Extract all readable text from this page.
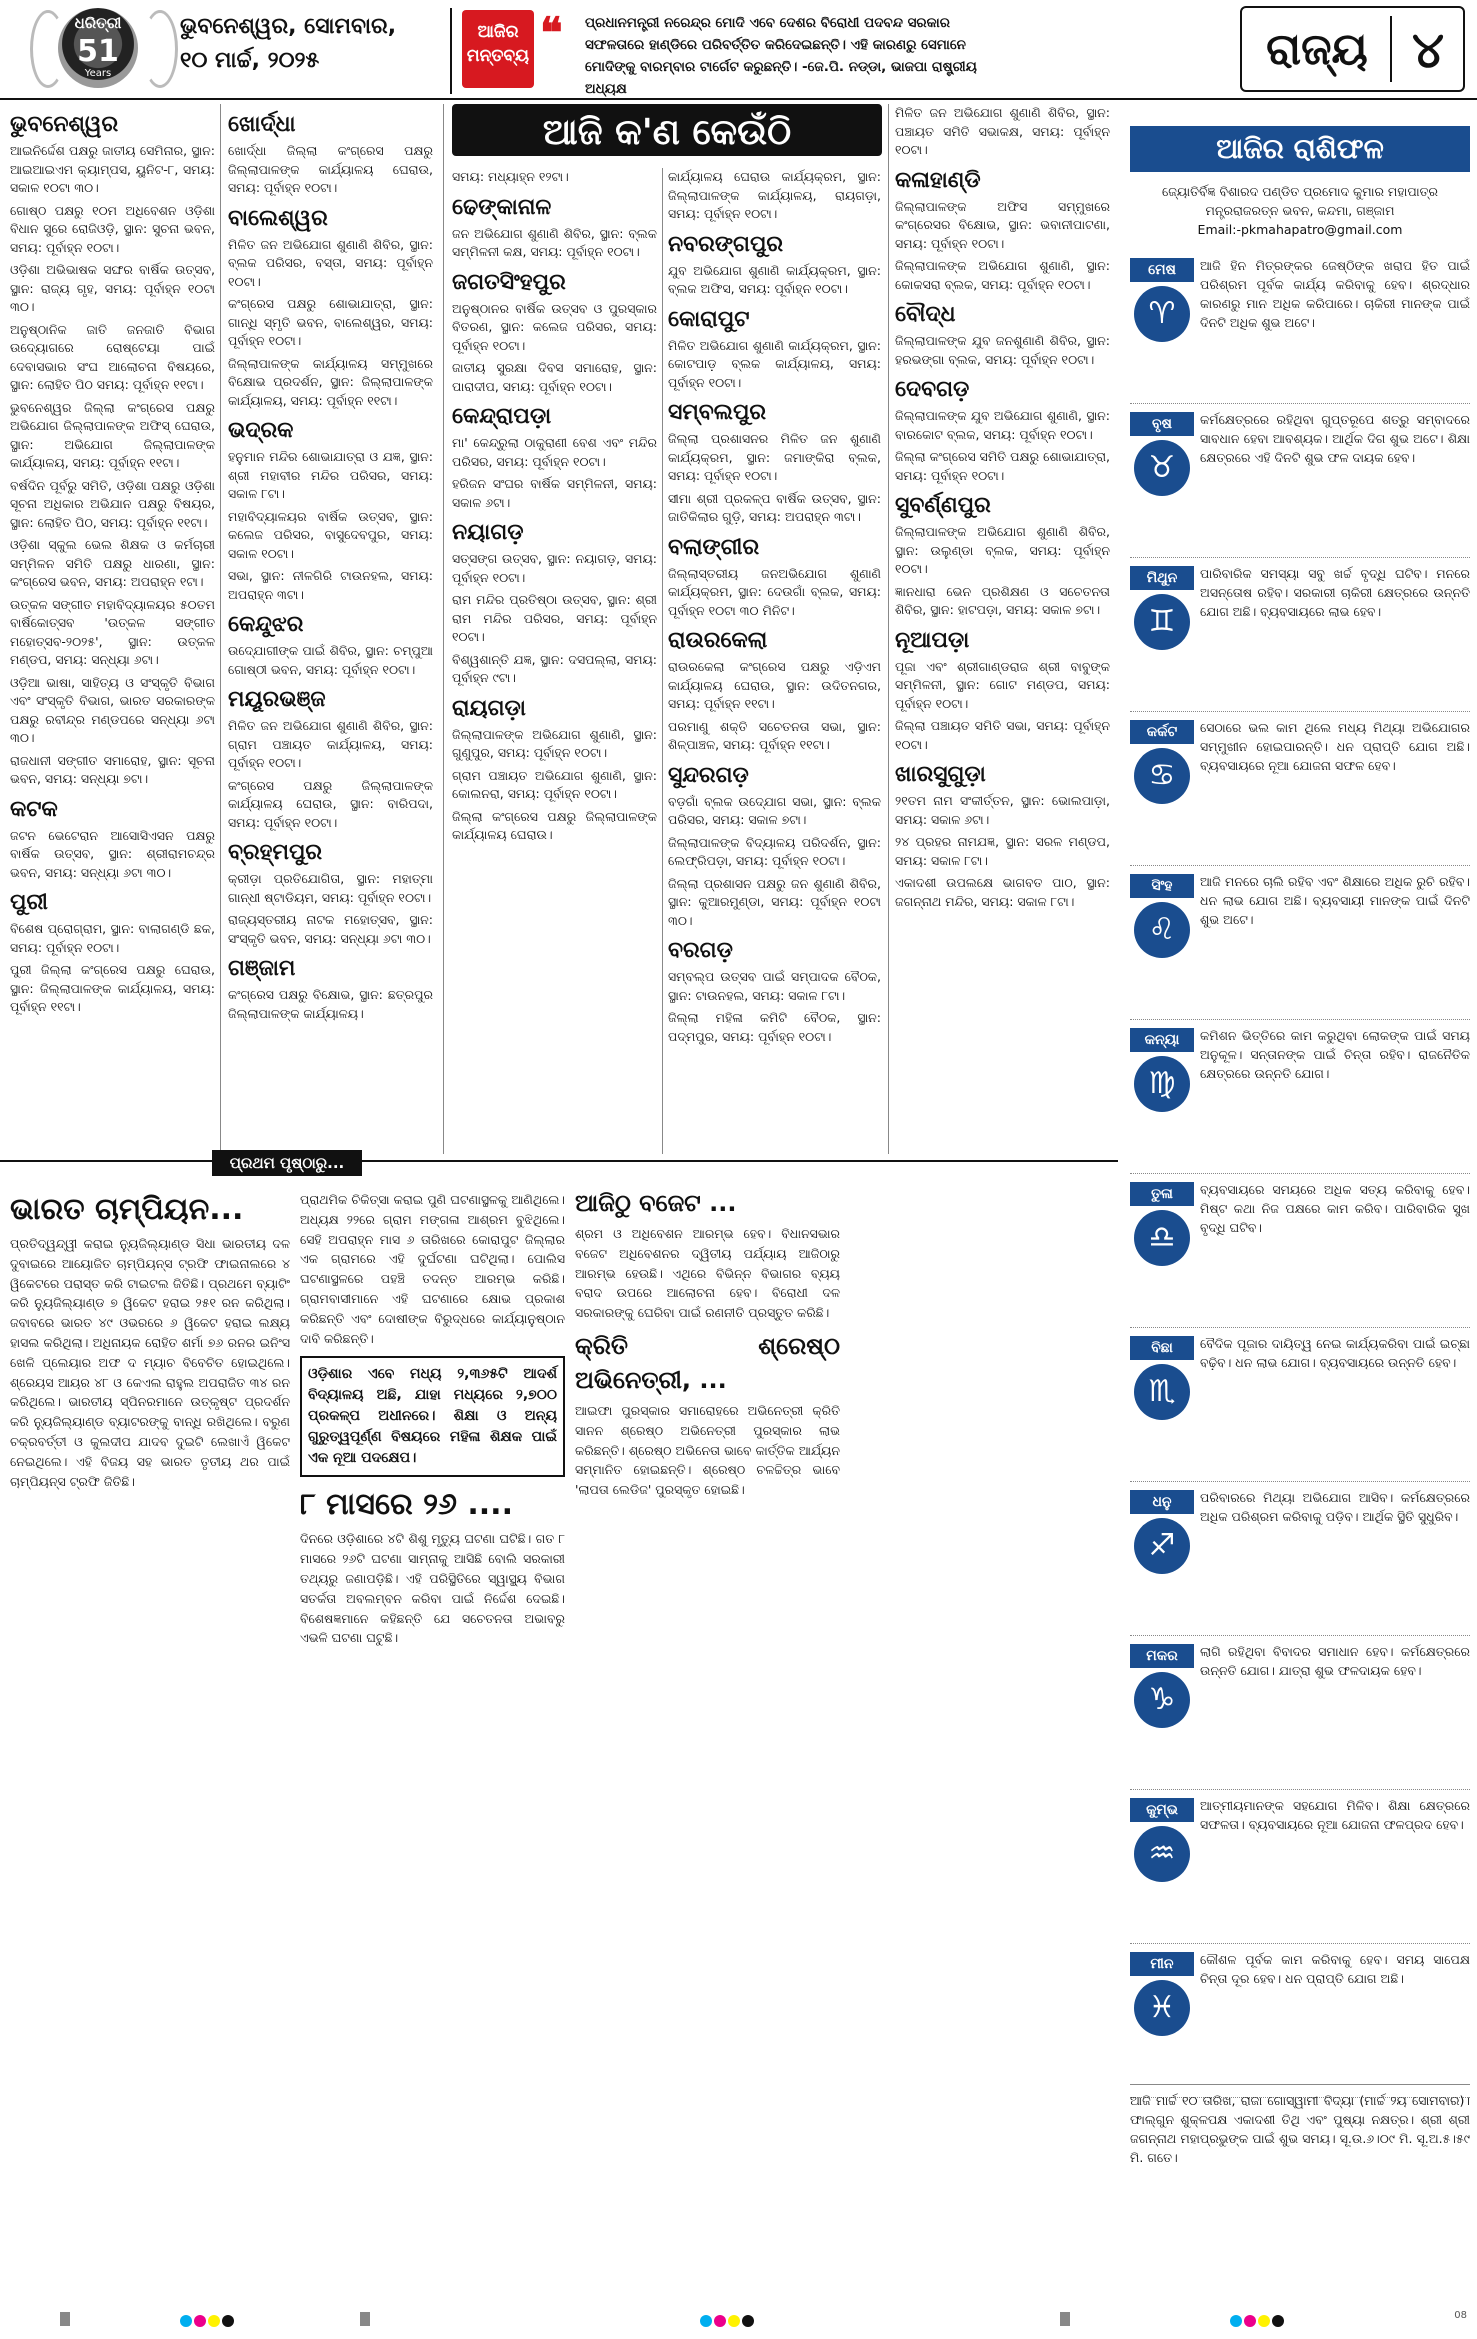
ଧରିତ୍ରୀ
51
Years
ଭୁବନେଶ୍ୱର, ସୋମବାର,
୧୦ ମାର୍ଚ୍ଚ, ୨୦୨୫
ଆଜିର
ମନ୍ତବ୍ୟ ❝ ପ୍ରଧାନମନ୍ତ୍ରୀ ନରେନ୍ଦ୍ର ମୋଦି ଏବେ ଦେଶର ବିରୋଧୀ ପଦବନ୍ଦ ସରକାର ସଫଳତାରେ ହାଣ୍ଡିରେ ପରିବର୍ତ୍ତିତ କରିଦେଇଛନ୍ତି। ଏହି କାରଣରୁ ସେମାନେ ମୋଦିଙ୍କୁ ବାରମ୍ବାର ଟାର୍ଗେଟ କରୁଛନ୍ତି। -ଜେ.ପି. ନଡ୍ଡା, ଭାଜପା ରାଷ୍ଟ୍ରୀୟ ଅଧ୍ୟକ୍ଷ
ରାଜ୍ୟ ୪
ଆଜି କ'ଣ କେଉଁଠି
ଭୁବନେଶ୍ୱର
ଆଇନିର୍ଦ୍ଦେଶ ପକ୍ଷରୁ ଜାତୀୟ ସେମିନାର, ସ୍ଥାନ: ଆଇଆଇଏମ କ୍ୟାମ୍ପସ, ୟୁନିଟ-୮, ସମୟ: ସକାଳ ୧୦ଟା ୩୦।
ଗୋଷ୍ଠ ପକ୍ଷରୁ ୧୦ମ ଅଧିବେଶନ ଓଡ଼ିଶା ବିଧାନ ସୁରେ ରୋଜିଓଡ଼ି, ସ୍ଥାନ: ସୁଚନା ଭବନ, ସମୟ: ପୂର୍ବାହ୍ନ ୧୦ଟା।
ଓଡ଼ିଶା ଅଭିଭାଷକ ସଙ୍ଘର ବାର୍ଷିକ ଉତ୍ସବ, ସ୍ଥାନ: ରାଜ୍ୟ ଗୃହ, ସମୟ: ପୂର୍ବାହ୍ନ ୧୦ଟା ୩୦।
ଅନୁଷ୍ଠାନିକ ଜାତି ଜନଜାତି ବିଭାଗ ଉଦ୍ୟୋଗରେ ରୋଷ୍ଟେୟା ପାଇଁ ଦେବାସଭାର ସଂଘ ଆଲୋଚନା ବିଷୟରେ, ସ୍ଥାନ: ଲୋହିତ ପିଠ ସମୟ: ପୂର୍ବାହ୍ନ ୧୧ଟା।
ଭୁବନେଶ୍ୱର ଜିଲ୍ଲା କଂଗ୍ରେସ ପକ୍ଷରୁ ଅଭିଯୋଗ ଜିଲ୍ଲାପାଳଙ୍କ ଅଫିସ୍ ଘେରାଉ, ସ୍ଥାନ: ଅଭିଯୋଗ ଜିଲ୍ଲାପାଳଙ୍କ କାର୍ଯ୍ୟାଳୟ, ସମୟ: ପୂର୍ବାହ୍ନ ୧୧ଟା।
ବର୍ଷଦିନ ପୂର୍ବରୁ ସମିତି, ଓଡ଼ିଶା ପକ୍ଷରୁ ଓଡ଼ିଶା ସୂଚନା ଅଧିକାର ଅଭିଯାନ ପକ୍ଷରୁ ବିଷୟର, ସ୍ଥାନ: ଲୋହିତ ପିଠ, ସମୟ: ପୂର୍ବାହ୍ନ ୧୧ଟା।
ଓଡ଼ିଶା ସ୍କୁଲ ଭେଲ ଶିକ୍ଷକ ଓ କର୍ମଚାରୀ ସମ୍ମିଳନ ସମିତି ପକ୍ଷରୁ ଧାରଣା, ସ୍ଥାନ: କଂଗ୍ରେସ ଭବନ, ସମୟ: ଅପରାହ୍ନ ୧ଟା।
ଉତ୍କଳ ସଙ୍ଗୀତ ମହାବିଦ୍ୟାଳୟର ୫୦ତମ ବାର୍ଷିକୋତ୍ସବ 'ଉତ୍କଳ ସଙ୍ଗୀତ ମହୋତ୍ସବ-୨୦୨୫', ସ୍ଥାନ: ଉତ୍କଳ ମଣ୍ଡପ, ସମୟ: ସନ୍ଧ୍ୟା ୬ଟା।
ଓଡ଼ିଆ ଭାଷା, ସାହିତ୍ୟ ଓ ସଂସ୍କୃତି ବିଭାଗ ଏବଂ ସଂସ୍କୃତି ବିଭାଗ, ଭାରତ ସରକାରଙ୍କ ପକ୍ଷରୁ ରବୀନ୍ଦ୍ର ମଣ୍ଡପରେ ସନ୍ଧ୍ୟା ୬ଟା ୩୦।
ରାଜଧାନୀ ସଙ୍ଗୀତ ସମାରୋହ, ସ୍ଥାନ: ସୂଚନା ଭବନ, ସମୟ: ସନ୍ଧ୍ୟା ୭ଟା।
କଟକ
ଜଟନ ଭେଟେରାନ ଆସୋସିଏସନ ପକ୍ଷରୁ ବାର୍ଷିକ ଉତ୍ସବ, ସ୍ଥାନ: ଶ୍ରୀରାମଚନ୍ଦ୍ର ଭବନ, ସମୟ: ସନ୍ଧ୍ୟା ୬ଟା ୩୦।
ପୁରୀ
ବିଶେଷ ପ୍ରୋଗ୍ରାମ, ସ୍ଥାନ: ବାଲାଗଣ୍ଡି ଛକ, ସମୟ: ପୂର୍ବାହ୍ନ ୧୦ଟା।
ପୁରୀ ଜିଲ୍ଲା କଂଗ୍ରେସ ପକ୍ଷରୁ ଘେରାଉ, ସ୍ଥାନ: ଜିଲ୍ଲାପାଳଙ୍କ କାର୍ଯ୍ୟାଳୟ, ସମୟ: ପୂର୍ବାହ୍ନ ୧୧ଟା।
ଖୋର୍ଦ୍ଧା
ଖୋର୍ଦ୍ଧା ଜିଲ୍ଲା କଂଗ୍ରେସ ପକ୍ଷରୁ ଜିଲ୍ଲାପାଳଙ୍କ କାର୍ଯ୍ୟାଳୟ ଘେରାଉ, ସମୟ: ପୂର୍ବାହ୍ନ ୧୦ଟା।
ବାଲେଶ୍ୱର
ମିଳିତ ଜନ ଅଭିଯୋଗ ଶୁଣାଣି ଶିବିର, ସ୍ଥାନ: ବ୍ଲକ ପରିସର, ବସ୍ତା, ସମୟ: ପୂର୍ବାହ୍ନ ୧୦ଟା।
କଂଗ୍ରେସ ପକ୍ଷରୁ ଶୋଭାଯାତ୍ରା, ସ୍ଥାନ: ଗାନ୍ଧି ସ୍ମୃତି ଭବନ, ବାଲେଶ୍ୱର, ସମୟ: ପୂର୍ବାହ୍ନ ୧୦ଟା।
ଜିଲ୍ଲାପାଳଙ୍କ କାର୍ଯ୍ୟାଳୟ ସମ୍ମୁଖରେ ବିକ୍ଷୋଭ ପ୍ରଦର୍ଶନ, ସ୍ଥାନ: ଜିଲ୍ଲାପାଳଙ୍କ କାର୍ଯ୍ୟାଳୟ, ସମୟ: ପୂର୍ବାହ୍ନ ୧୧ଟା।
ଭଦ୍ରକ
ହନୁମାନ ମନ୍ଦିର ଶୋଭାଯାତ୍ରା ଓ ଯଜ୍ଞ, ସ୍ଥାନ: ଶ୍ରୀ ମହାବୀର ମନ୍ଦିର ପରିସର, ସମୟ: ସକାଳ ୮ଟା।
ମହାବିଦ୍ୟାଳୟର ବାର୍ଷିକ ଉତ୍ସବ, ସ୍ଥାନ: କଲେଜ ପରିସର, ବାସୁଦେବପୁର, ସମୟ: ସକାଳ ୧୦ଟା।
ସଭା, ସ୍ଥାନ: ନୀଳଗିରି ଟାଉନହଲ, ସମୟ: ଅପରାହ୍ନ ୩ଟା।
କେନ୍ଦୁଝର
ଉଦ୍ଯୋଗୀଙ୍କ ପାଇଁ ଶିବିର, ସ୍ଥାନ: ଚମ୍ପୁଆ ଗୋଷ୍ଠୀ ଭବନ, ସମୟ: ପୂର୍ବାହ୍ନ ୧୦ଟା।
ମୟୂରଭଞ୍ଜ
ମିଳିତ ଜନ ଅଭିଯୋଗ ଶୁଣାଣି ଶିବିର, ସ୍ଥାନ: ଗ୍ରାମ ପଞ୍ଚାୟତ କାର୍ଯ୍ୟାଳୟ, ସମୟ: ପୂର୍ବାହ୍ନ ୧୦ଟା।
କଂଗ୍ରେସ ପକ୍ଷରୁ ଜିଲ୍ଲାପାଳଙ୍କ କାର୍ଯ୍ୟାଳୟ ଘେରାଉ, ସ୍ଥାନ: ବାରିପଦା, ସମୟ: ପୂର୍ବାହ୍ନ ୧୦ଟା।
ବ୍ରହ୍ମପୁର
କ୍ରୀଡ଼ା ପ୍ରତିଯୋଗିତା, ସ୍ଥାନ: ମହାତ୍ମା ଗାନ୍ଧୀ ଷ୍ଟାଡିୟମ, ସମୟ: ପୂର୍ବାହ୍ନ ୧୦ଟା।
ରାଜ୍ୟସ୍ତରୀୟ ନାଟକ ମହୋତ୍ସବ, ସ୍ଥାନ: ସଂସ୍କୃତି ଭବନ, ସମୟ: ସନ୍ଧ୍ୟା ୬ଟା ୩୦।
ଗଞ୍ଜାମ
କଂଗ୍ରେସ ପକ୍ଷରୁ ବିକ୍ଷୋଭ, ସ୍ଥାନ: ଛତ୍ରପୁର ଜିଲ୍ଲାପାଳଙ୍କ କାର୍ଯ୍ୟାଳୟ।
ସମୟ: ମଧ୍ୟାହ୍ନ ୧୨ଟା।
ଢେଙ୍କାନାଳ
ଜନ ଅଭିଯୋଗ ଶୁଣାଣି ଶିବିର, ସ୍ଥାନ: ବ୍ଲକ ସମ୍ମିଳନୀ କକ୍ଷ, ସମୟ: ପୂର୍ବାହ୍ନ ୧୦ଟା।
ଜଗତସିଂହପୁର
ଅନୁଷ୍ଠାନର ବାର୍ଷିକ ଉତ୍ସବ ଓ ପୁରସ୍କାର ବିତରଣ, ସ୍ଥାନ: କଲେଜ ପରିସର, ସମୟ: ପୂର୍ବାହ୍ନ ୧୦ଟା।
ଜାତୀୟ ସୁରକ୍ଷା ଦିବସ ସମାରୋହ, ସ୍ଥାନ: ପାରାଦୀପ, ସମୟ: ପୂର୍ବାହ୍ନ ୧୦ଟା।
କେନ୍ଦ୍ରାପଡ଼ା
ମା' କେନ୍ଦ୍ରୁଲା ଠାକୁରାଣୀ ବେଶ ଏବଂ ମନ୍ଦିର ପରିସର, ସମୟ: ପୂର୍ବାହ୍ନ ୧୦ଟା।
ହରିଜନ ସଂଘର ବାର୍ଷିକ ସମ୍ମିଳନୀ, ସମୟ: ସକାଳ ୬ଟା।
ନୟାଗଡ଼
ସତ୍ସଙ୍ଗ ଉତ୍ସବ, ସ୍ଥାନ: ନୟାଗଡ଼, ସମୟ: ପୂର୍ବାହ୍ନ ୧୦ଟା।
ରାମ ମନ୍ଦିର ପ୍ରତିଷ୍ଠା ଉତ୍ସବ, ସ୍ଥାନ: ଶ୍ରୀ ରାମ ମନ୍ଦିର ପରିସର, ସମୟ: ପୂର୍ବାହ୍ନ ୧୦ଟା।
ବିଶ୍ୱଶାନ୍ତି ଯଜ୍ଞ, ସ୍ଥାନ: ଦସପଲ୍ଲା, ସମୟ: ପୂର୍ବାହ୍ନ ୯ଟା।
ରାୟଗଡ଼ା
ଜିଲ୍ଲାପାଳଙ୍କ ଅଭିଯୋଗ ଶୁଣାଣି, ସ୍ଥାନ: ଗୁଣୁପୁର, ସମୟ: ପୂର୍ବାହ୍ନ ୧୦ଟା।
ଗ୍ରାମ ପଞ୍ଚାୟତ ଅଭିଯୋଗ ଶୁଣାଣି, ସ୍ଥାନ: କୋଲନରା, ସମୟ: ପୂର୍ବାହ୍ନ ୧୦ଟା।
ଜିଲ୍ଲା କଂଗ୍ରେସ ପକ୍ଷରୁ ଜିଲ୍ଲାପାଳଙ୍କ କାର୍ଯ୍ୟାଳୟ ଘେରାଉ।
କାର୍ଯ୍ୟାଳୟ ଘେରାଉ କାର୍ଯ୍ୟକ୍ରମ, ସ୍ଥାନ: ଜିଲ୍ଲାପାଳଙ୍କ କାର୍ଯ୍ୟାଳୟ, ରାୟଗଡ଼ା, ସମୟ: ପୂର୍ବାହ୍ନ ୧୦ଟା।
ନବରଙ୍ଗପୁର
ଯୁବ ଅଭିଯୋଗ ଶୁଣାଣି କାର୍ଯ୍ୟକ୍ରମ, ସ୍ଥାନ: ବ୍ଲକ ଅଫିସ, ସମୟ: ପୂର୍ବାହ୍ନ ୧୦ଟା।
କୋରାପୁଟ
ମିଳିତ ଅଭିଯୋଗ ଶୁଣାଣି କାର୍ଯ୍ୟକ୍ରମ, ସ୍ଥାନ: କୋଟପାଡ଼ ବ୍ଲକ କାର୍ଯ୍ୟାଳୟ, ସମୟ: ପୂର୍ବାହ୍ନ ୧୦ଟା।
ସମ୍ବଲପୁର
ଜିଲ୍ଲା ପ୍ରଶାସନର ମିଳିତ ଜନ ଶୁଣାଣି କାର୍ଯ୍ୟକ୍ରମ, ସ୍ଥାନ: ଜମାଙ୍କିରା ବ୍ଲକ, ସମୟ: ପୂର୍ବାହ୍ନ ୧୦ଟା।
ସୀମା ଶ୍ରୀ ପ୍ରକଳ୍ପ ବାର୍ଷିକ ଉତ୍ସବ, ସ୍ଥାନ: ଜାତିକିଲାର ଗୁଡ଼ି, ସମୟ: ଅପରାହ୍ନ ୩ଟା।
ବଲାଙ୍ଗୀର
ଜିଲ୍ଲାସ୍ତରୀୟ ଜନଅଭିଯୋଗ ଶୁଣାଣି କାର୍ଯ୍ୟକ୍ରମ, ସ୍ଥାନ: ଦେଉଗାଁ ବ୍ଲକ, ସମୟ: ପୂର୍ବାହ୍ନ ୧୦ଟା ୩୦ ମିନିଟ।
ରାଉରକେଲା
ରାଉରକେଲା କଂଗ୍ରେସ ପକ୍ଷରୁ ଏଡ଼ିଏମ କାର୍ଯ୍ୟାଳୟ ଘେରାଉ, ସ୍ଥାନ: ଉଦିତନଗର, ସମୟ: ପୂର୍ବାହ୍ନ ୧୧ଟା।
ପରମାଣୁ ଶକ୍ତି ସଚେତନତା ସଭା, ସ୍ଥାନ: ଶିଳ୍ପାଞ୍ଚଳ, ସମୟ: ପୂର୍ବାହ୍ନ ୧୧ଟା।
ସୁନ୍ଦରଗଡ଼
ବଡ଼ଗାଁ ବ୍ଲକ ଉଦ୍ଯୋଗ ସଭା, ସ୍ଥାନ: ବ୍ଲକ ପରିସର, ସମୟ: ସକାଳ ୭ଟା।
ଜିଲ୍ଲାପାଳଙ୍କ ବିଦ୍ୟାଳୟ ପରିଦର୍ଶନ, ସ୍ଥାନ: ଲେଫ୍ରିପଡ଼ା, ସମୟ: ପୂର୍ବାହ୍ନ ୧୦ଟା।
ଜିଲ୍ଲା ପ୍ରଶାସନ ପକ୍ଷରୁ ଜନ ଶୁଣାଣି ଶିବିର, ସ୍ଥାନ: କୁଆରମୁଣ୍ଡା, ସମୟ: ପୂର୍ବାହ୍ନ ୧୦ଟା ୩୦।
ବରଗଡ଼
ସମ୍ବଲ୍ପ ଉତ୍ସବ ପାଇଁ ସମ୍ପାଦକ ବୈଠକ, ସ୍ଥାନ: ଟାଉନହଲ, ସମୟ: ସକାଳ ୮ଟା।
ଜିଲ୍ଲା ମହିଳା କମିଟି ବୈଠକ, ସ୍ଥାନ: ପଦ୍ମପୁର, ସମୟ: ପୂର୍ବାହ୍ନ ୧୦ଟା।
ମିଳିତ ଜନ ଅଭିଯୋଗ ଶୁଣାଣି ଶିବିର, ସ୍ଥାନ: ପଞ୍ଚାୟତ ସମିତି ସଭାକକ୍ଷ, ସମୟ: ପୂର୍ବାହ୍ନ ୧୦ଟା।
କଳାହାଣ୍ଡି
ଜିଲ୍ଲାପାଳଙ୍କ ଅଫିସ ସମ୍ମୁଖରେ କଂଗ୍ରେସର ବିକ୍ଷୋଭ, ସ୍ଥାନ: ଭବାନୀପାଟଣା, ସମୟ: ପୂର୍ବାହ୍ନ ୧୦ଟା।
ଜିଲ୍ଲାପାଳଙ୍କ ଅଭିଯୋଗ ଶୁଣାଣି, ସ୍ଥାନ: କୋକସରା ବ୍ଲକ, ସମୟ: ପୂର୍ବାହ୍ନ ୧୦ଟା।
ବୌଦ୍ଧ
ଜିଲ୍ଲାପାଳଙ୍କ ଯୁବ ଜନଶୁଣାଣି ଶିବିର, ସ୍ଥାନ: ହରଭଙ୍ଗା ବ୍ଲକ, ସମୟ: ପୂର୍ବାହ୍ନ ୧୦ଟା।
ଦେବଗଡ଼
ଜିଲ୍ଲାପାଳଙ୍କ ଯୁବ ଅଭିଯୋଗ ଶୁଣାଣି, ସ୍ଥାନ: ବାରକୋଟ ବ୍ଲକ, ସମୟ: ପୂର୍ବାହ୍ନ ୧୦ଟା।
ଜିଲ୍ଲା କଂଗ୍ରେସ ସମିତି ପକ୍ଷରୁ ଶୋଭାଯାତ୍ରା, ସମୟ: ପୂର୍ବାହ୍ନ ୧୦ଟା।
ସୁବର୍ଣ୍ଣପୁର
ଜିଲ୍ଲାପାଳଙ୍କ ଅଭିଯୋଗ ଶୁଣାଣି ଶିବିର, ସ୍ଥାନ: ଉଲୁଣ୍ଡା ବ୍ଲକ, ସମୟ: ପୂର୍ବାହ୍ନ ୧୦ଟା।
ଜ୍ଞାନଧାରା ଭେନ ପ୍ରଶିକ୍ଷଣ ଓ ସଚେତନତା ଶିବିର, ସ୍ଥାନ: ହାଟପଡ଼ା, ସମୟ: ସକାଳ ୭ଟା।
ନୂଆପଡ଼ା
ପୂଜା ଏବଂ ଶ୍ରୀଗାଣ୍ଡରାଜ ଶ୍ରୀ ବାବୁଙ୍କ ସମ୍ମିଳନୀ, ସ୍ଥାନ: ଗୋଟ ମଣ୍ଡପ, ସମୟ: ପୂର୍ବାହ୍ନ ୧୦ଟା।
ଜିଲ୍ଲା ପଞ୍ଚାୟତ ସମିତି ସଭା, ସମୟ: ପୂର୍ବାହ୍ନ ୧୦ଟା।
ଖାରସୁଗୁଡ଼ା
୨୧ତମ ନାମ ସଂକୀର୍ତ୍ତନ, ସ୍ଥାନ: ଭୋଲପାଡ଼ା, ସମୟ: ସକାଳ ୬ଟା।
୨୪ ପ୍ରହର ନାମଯଜ୍ଞ, ସ୍ଥାନ: ସରଳ ମଣ୍ଡପ, ସମୟ: ସକାଳ ୮ଟା।
ଏକାଦଶୀ ଉପଲକ୍ଷେ ଭାଗବତ ପାଠ, ସ୍ଥାନ: ଜଗନ୍ନାଥ ମନ୍ଦିର, ସମୟ: ସକାଳ ୮ଟା।
ଆଜିର ରାଶିଫଳ
ଜ୍ୟୋତିର୍ବିଜ୍ଞ ବିଶାରଦ ପଣ୍ଡିତ ପ୍ରମୋଦ କୁମାର ମହାପାତ୍ର
ମନ୍ତ୍ରରାଜରତ୍ନ ଭବନ, କନ୍ଦମା, ଗଞ୍ଜାମ
Email:-pkmahapatro@gmail.com
ମେଷ
♈
ଆଜି ହିନ ମିତ୍ରଙ୍କର ଜେଷ୍ଠିଙ୍କ ଖରାପ ହିତ ପାଇଁ ପରିଶ୍ରମ ପୂର୍ବକ କାର୍ଯ୍ୟ କରିବାକୁ ହେବ। ଶ୍ରଦ୍ଧାର କାରଣରୁ ମାନ ଅଧିକ କରିପାରେ। ଚାକିରୀ ମାନଙ୍କ ପାଇଁ ଦିନଟି ଅଧିକ ଶୁଭ ଅଟେ।
ବୃଷ
♉
କର୍ମକ୍ଷେତ୍ରରେ ରହିଥିବା ଗୁପ୍ତରୂପେ ଶତ୍ରୁ ସମ୍ବାଦରେ ସାବଧାନ ହେବା ଆବଶ୍ୟକ। ଆର୍ଥିକ ଦିଗ ଶୁଭ ଅଟେ। ଶିକ୍ଷା କ୍ଷେତ୍ରରେ ଏହି ଦିନଟି ଶୁଭ ଫଳ ଦାୟକ ହେବ।
ମିଥୁନ
♊
ପାରିବାରିକ ସମସ୍ୟା ସବୁ ଖର୍ଚ୍ଚ ବୃଦ୍ଧି ଘଟିବ। ମନରେ ଅସନ୍ତୋଷ ରହିବ। ସରକାରୀ ଚାକିରୀ କ୍ଷେତ୍ରରେ ଉନ୍ନତି ଯୋଗ ଅଛି। ବ୍ୟବସାୟରେ ଲାଭ ହେବ।
କର୍କଟ
♋
ସେଠାରେ ଭଲ କାମ ଥିଲେ ମଧ୍ୟ ମିଥ୍ୟା ଅଭିଯୋଗର ସମ୍ମୁଖୀନ ହୋଇପାରନ୍ତି। ଧନ ପ୍ରାପ୍ତି ଯୋଗ ଅଛି। ବ୍ୟବସାୟରେ ନୂଆ ଯୋଜନା ସଫଳ ହେବ।
ସିଂହ
♌
ଆଜି ମନରେ ଚାଲି ରହିବ ଏବଂ ଶିକ୍ଷାରେ ଅଧିକ ରୁଚି ରହିବ। ଧନ ଲାଭ ଯୋଗ ଅଛି। ବ୍ୟବସାୟୀ ମାନଙ୍କ ପାଇଁ ଦିନଟି ଶୁଭ ଅଟେ।
କନ୍ୟା
♍
କମିଶନ ଭିତ୍ତିରେ କାମ କରୁଥିବା ଲୋକଙ୍କ ପାଇଁ ସମୟ ଅନୁକୂଳ। ସନ୍ତାନଙ୍କ ପାଇଁ ଚିନ୍ତା ରହିବ। ରାଜନୈତିକ କ୍ଷେତ୍ରରେ ଉନ୍ନତି ଯୋଗ।
ତୁଳା
♎
ବ୍ୟବସାୟରେ ସମୟରେ ଅଧିକ ସତ୍ୟ କରିବାକୁ ହେବ। ମିଷ୍ଟ କଥା ନିଜ ପକ୍ଷରେ କାମ କରିବ। ପାରିବାରିକ ସୁଖ ବୃଦ୍ଧି ଘଟିବ।
ବିଛା
♏
ବୈଦିକ ପୂଜାର ଦାୟିତ୍ୱ ନେଇ କାର୍ଯ୍ୟକରିବା ପାଇଁ ଇଚ୍ଛା ବଢ଼ିବ। ଧନ ଲାଭ ଯୋଗ। ବ୍ୟବସାୟରେ ଉନ୍ନତି ହେବ।
ଧନୁ
♐
ପରିବାରରେ ମିଥ୍ୟା ଅଭିଯୋଗ ଆସିବ। କର୍ମକ୍ଷେତ୍ରରେ ଅଧିକ ପରିଶ୍ରମ କରିବାକୁ ପଡ଼ିବ। ଆର୍ଥିକ ସ୍ଥିତି ସୁଧୁରିବ।
ମକର
♑
ଲାଗି ରହିଥିବା ବିବାଦର ସମାଧାନ ହେବ। କର୍ମକ୍ଷେତ୍ରରେ ଉନ୍ନତି ଯୋଗ। ଯାତ୍ରା ଶୁଭ ଫଳଦାୟକ ହେବ।
କୁମ୍ଭ
♒
ଆତ୍ମୀୟମାନଙ୍କ ସହଯୋଗ ମିଳିବ। ଶିକ୍ଷା କ୍ଷେତ୍ରରେ ସଫଳତା। ବ୍ୟବସାୟରେ ନୂଆ ଯୋଜନା ଫଳପ୍ରଦ ହେବ।
ମୀନ
♓
କୌଶଳ ପୂର୍ବକ କାମ କରିବାକୁ ହେବ। ସମୟ ସାପେକ୍ଷ ଚିନ୍ତା ଦୂର ହେବ। ଧନ ପ୍ରାପ୍ତି ଯୋଗ ଅଛି।
ଆଜି ମାର୍ଚ୍ଚ ୧୦ ତାରିଖ, ରାଜା ଗୋସ୍ୱାମୀ ବିଦ୍ୟା (ମାର୍ଚ୍ଚ ୨ୟ ସୋମବାର)। ଫାଲ୍ଗୁନ ଶୁକ୍ଳପକ୍ଷ ଏକାଦଶୀ ତିଥି ଏବଂ ପୁଷ୍ୟା ନକ୍ଷତ୍ର। ଶ୍ରୀ ଶ୍ରୀ ଜଗନ୍ନାଥ ମହାପ୍ରଭୁଙ୍କ ପାଇଁ ଶୁଭ ସମୟ। ସୂ.ଉ.୬।୦୯ ମି. ସୂ.ଅ.୫।୫୯ ମି. ଗତେ।
ପ୍ରଥମ ପୃଷ୍ଠାରୁ...
ଭାରତ ଚାମ୍ପିୟନ...
ପ୍ରତିଦ୍ୱନ୍ଦ୍ୱୀ କରାଇ ନ୍ୟୁଜିଲ୍ୟାଣ୍ଡ ସିଧା ଭାରତୀୟ ଦଳ ଦୁବାଇରେ ଆୟୋଜିତ ଚାମ୍ପିୟନ୍ସ ଟ୍ରଫି ଫାଇନାଲରେ ୪ ୱିକେଟରେ ପରାସ୍ତ କରି ଟାଇଟଲ ଜିତିଛି। ପ୍ରଥମେ ବ୍ୟାଟିଂ କରି ନ୍ୟୁଜିଲ୍ୟାଣ୍ଡ ୭ ୱିକେଟ ହରାଇ ୨୫୧ ରନ କରିଥିଲା। ଜବାବରେ ଭାରତ ୪୯ ଓଭରରେ ୬ ୱିକେଟ ହରାଇ ଲକ୍ଷ୍ୟ ହାସଲ କରିଥିଲା। ଅଧିନାୟକ ରୋହିତ ଶର୍ମା ୭୬ ରନର ଇନିଂସ ଖେଳି ପ୍ଲେୟାର ଅଫ ଦ ମ୍ୟାଚ ବିବେଚିତ ହୋଇଥିଲେ। ଶ୍ରେୟସ ଆୟର ୪୮ ଓ କେଏଲ ରାହୁଲ ଅପରାଜିତ ୩୪ ରନ କରିଥିଲେ। ଭାରତୀୟ ସ୍ପିନରମାନେ ଉତ୍କୃଷ୍ଟ ପ୍ରଦର୍ଶନ କରି ନ୍ୟୁଜିଲ୍ୟାଣ୍ଡ ବ୍ୟାଟରଙ୍କୁ ବାନ୍ଧି ରଖିଥିଲେ। ବରୁଣ ଚକ୍ରବର୍ତ୍ତୀ ଓ କୁଲଦୀପ ଯାଦବ ଦୁଇଟି ଲେଖାଏଁ ୱିକେଟ ନେଇଥିଲେ। ଏହି ବିଜୟ ସହ ଭାରତ ତୃତୀୟ ଥର ପାଇଁ ଚାମ୍ପିୟନ୍ସ ଟ୍ରଫି ଜିତିଛି।
ପ୍ରାଥମିକ ଚିକିତ୍ସା କରାଇ ପୁଣି ଘଟଣାସ୍ଥଳକୁ ଆଣିଥିଲେ। ଅଧ୍ୟକ୍ଷ ୨୨ରେ ଗ୍ରାମ ମଙ୍ଗଳା ଆଶ୍ରମ ବୁଝିଥିଲେ। ସେହି ଅପରାହ୍ନ ମାସ ୬ ତାରିଖରେ କୋରାପୁଟ ଜିଲ୍ଲାର ଏକ ଗ୍ରାମରେ ଏହି ଦୁର୍ଘଟଣା ଘଟିଥିଲା। ପୋଲିସ ଘଟଣାସ୍ଥଳରେ ପହଞ୍ଚି ତଦନ୍ତ ଆରମ୍ଭ କରିଛି। ଗ୍ରାମବାସୀମାନେ ଏହି ଘଟଣାରେ କ୍ଷୋଭ ପ୍ରକାଶ କରିଛନ୍ତି ଏବଂ ଦୋଷୀଙ୍କ ବିରୁଦ୍ଧରେ କାର୍ଯ୍ୟାନୁଷ୍ଠାନ ଦାବି କରିଛନ୍ତି।
ଓଡ଼ିଶାର ଏବେ ମଧ୍ୟ ୨,୩୬୫ଟି ଆଦର୍ଶ ବିଦ୍ୟାଳୟ ଅଛି, ଯାହା ମଧ୍ୟରେ ୨,୭୦୦ ପ୍ରକଳ୍ପ ଅଧୀନରେ। ଶିକ୍ଷା ଓ ଅନ୍ୟ ଗୁରୁତ୍ୱପୂର୍ଣ୍ଣ ବିଷୟରେ ମହିଳା ଶିକ୍ଷକ ପାଇଁ ଏକ ନୂଆ ପଦକ୍ଷେପ।
୮ ମାସରେ ୨୬ ....
ଦିନରେ ଓଡ଼ିଶାରେ ୪ଟି ଶିଶୁ ମୃତ୍ୟୁ ଘଟଣା ଘଟିଛି। ଗତ ୮ ମାସରେ ୨୬ଟି ଘଟଣା ସାମ୍ନାକୁ ଆସିଛି ବୋଲି ସରକାରୀ ତଥ୍ୟରୁ ଜଣାପଡ଼ିଛି। ଏହି ପରିସ୍ଥିତିରେ ସ୍ୱାସ୍ଥ୍ୟ ବିଭାଗ ସତର୍କତା ଅବଲମ୍ବନ କରିବା ପାଇଁ ନିର୍ଦ୍ଦେଶ ଦେଇଛି। ବିଶେଷଜ୍ଞମାନେ କହିଛନ୍ତି ଯେ ସଚେତନତା ଅଭାବରୁ ଏଭଳି ଘଟଣା ଘଟୁଛି।
ଆଜିଠୁ ବଜେଟ ...
ଶ୍ରମ ଓ ଅଧିବେଶନ ଆରମ୍ଭ ହେବ। ବିଧାନସଭାର ବଜେଟ ଅଧିବେଶନର ଦ୍ୱିତୀୟ ପର୍ଯ୍ୟାୟ ଆଜିଠାରୁ ଆରମ୍ଭ ହେଉଛି। ଏଥିରେ ବିଭିନ୍ନ ବିଭାଗର ବ୍ୟୟ ବରାଦ ଉପରେ ଆଲୋଚନା ହେବ। ବିରୋଧୀ ଦଳ ସରକାରଙ୍କୁ ଘେରିବା ପାଇଁ ରଣନୀତି ପ୍ରସ୍ତୁତ କରିଛି।
କ୍ରିତି ଶ୍ରେଷ୍ଠ ଅଭିନେତ୍ରୀ, ...
ଆଇଫା ପୁରସ୍କାର ସମାରୋହରେ ଅଭିନେତ୍ରୀ କ୍ରିତି ସାନନ ଶ୍ରେଷ୍ଠ ଅଭିନେତ୍ରୀ ପୁରସ୍କାର ଲାଭ କରିଛନ୍ତି। ଶ୍ରେଷ୍ଠ ଅଭିନେତା ଭାବେ କାର୍ତ୍ତିକ ଆର୍ଯ୍ୟନ ସମ୍ମାନିତ ହୋଇଛନ୍ତି। ଶ୍ରେଷ୍ଠ ଚଳଚ୍ଚିତ୍ର ଭାବେ 'ଲାପତା ଲେଡିଜ' ପୁରସ୍କୃତ ହୋଇଛି।
08
